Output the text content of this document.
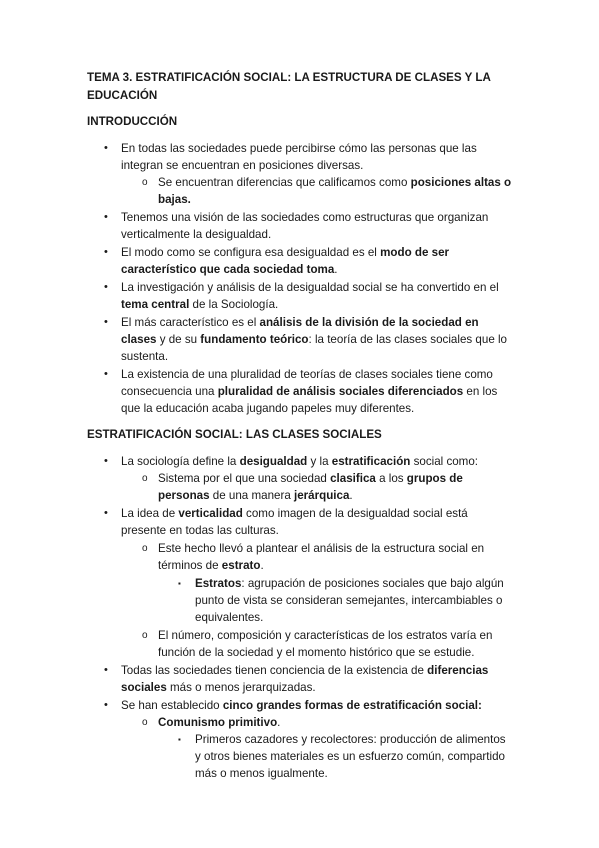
TEMA 3. ESTRATIFICACIÓN SOCIAL: LA ESTRUCTURA DE CLASES Y LA
EDUCACIÓN
INTRODUCCIÓN
ESTRATIFICACIÓN SOCIAL: LAS CLASES SOCIALES
•
o
•
•
•
•
•
•
o
•
o
▪
o
•
•
o
▪
En todas las sociedades puede percibirse cómo las personas que las
integran se encuentran en posiciones diversas.
Se encuentran diferencias que calificamos como posiciones altas o
bajas.
Tenemos una visión de las sociedades como estructuras que organizan
verticalmente la desigualdad.
El modo como se configura esa desigualdad es el modo de ser
característico que cada sociedad toma.
La investigación y análisis de la desigualdad social se ha convertido en el
tema central de la Sociología.
El más característico es el análisis de la división de la sociedad en
clases y de su fundamento teórico: la teoría de las clases sociales que lo
sustenta.
La existencia de una pluralidad de teorías de clases sociales tiene como
consecuencia una pluralidad de análisis sociales diferenciados en los
que la educación acaba jugando papeles muy diferentes.
La sociología define la desigualdad y la estratificación social como:
Sistema por el que una sociedad clasifica a los grupos de
personas de una manera jerárquica.
La idea de verticalidad como imagen de la desigualdad social está
presente en todas las culturas.
Este hecho llevó a plantear el análisis de la estructura social en
términos de estrato.
Estratos: agrupación de posiciones sociales que bajo algún
punto de vista se consideran semejantes, intercambiables o
equivalentes.
El número, composición y características de los estratos varía en
función de la sociedad y el momento histórico que se estudie.
Todas las sociedades tienen conciencia de la existencia de diferencias
sociales más o menos jerarquizadas.
Se han establecido cinco grandes formas de estratificación social:
Comunismo primitivo.
Primeros cazadores y recolectores: producción de alimentos
y otros bienes materiales es un esfuerzo común, compartido
más o menos igualmente.
